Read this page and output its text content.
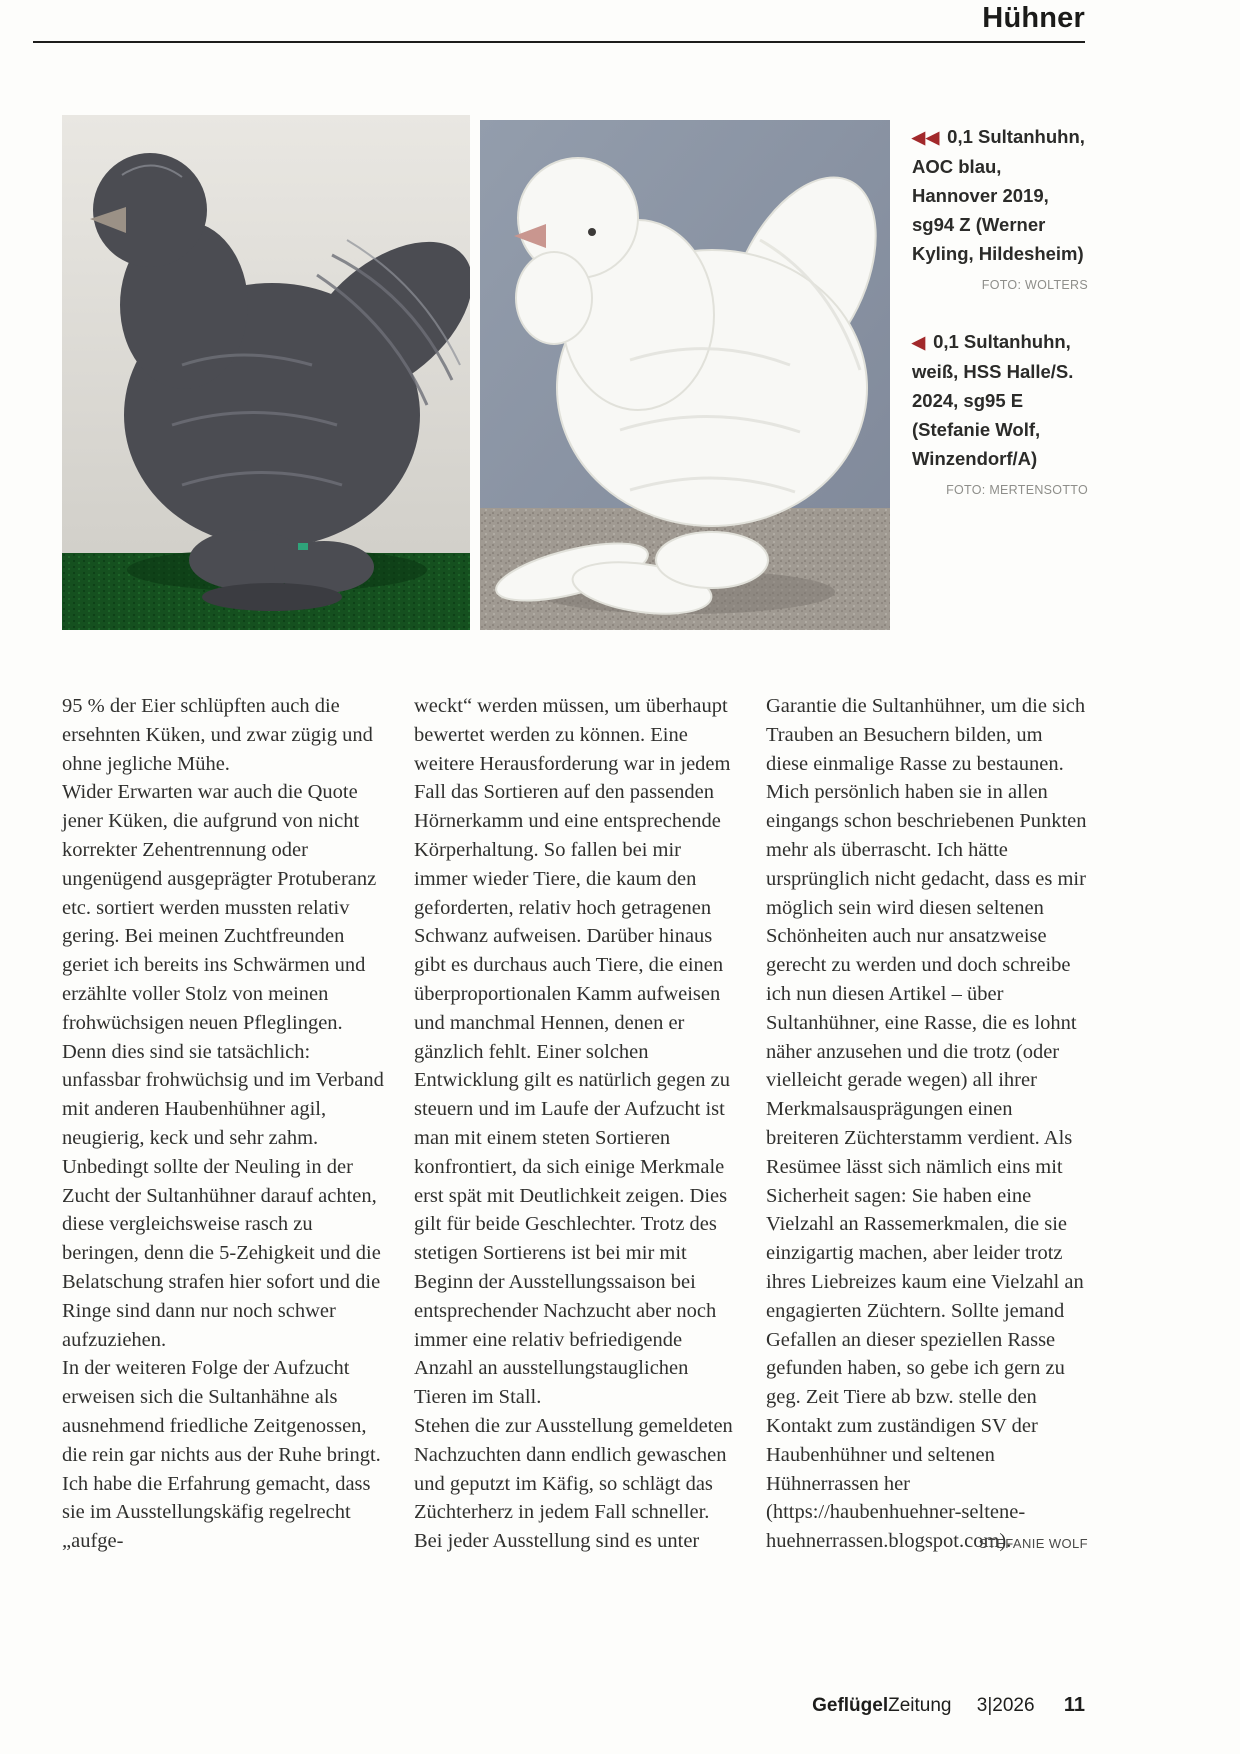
Hühner
◀◀ 0,1 Sultanhuhn, AOC blau, Hannover 2019, sg94 Z (Werner Kyling, Hildesheim)
FOTO: WOLTERS
◀ 0,1 Sultanhuhn, weiß, HSS Halle/S. 2024, sg95 E (Stefanie Wolf, Winzendorf/A)
FOTO: MERTENSOTTO

95 % der Eier schlüpften auch die ersehnten Küken, und zwar zügig und ohne jegliche Mühe.

Wider Erwarten war auch die Quote jener Küken, die aufgrund von nicht korrekter Zehentrennung oder ungenügend ausgeprägter Protuberanz etc. sortiert werden mussten relativ gering. Bei meinen Zuchtfreunden geriet ich bereits ins Schwärmen und erzählte voller Stolz von meinen frohwüchsigen neuen Pfleglingen. Denn dies sind sie tatsächlich: unfassbar frohwüchsig und im Verband mit anderen Haubenhühner agil, neugierig, keck und sehr zahm.

Unbedingt sollte der Neuling in der Zucht der Sultanhühner darauf achten, diese vergleichsweise rasch zu beringen, denn die 5-Zehigkeit und die Belatschung strafen hier sofort und die Ringe sind dann nur noch schwer aufzuziehen.

In der weiteren Folge der Aufzucht erweisen sich die Sultanhähne als ausnehmend friedliche Zeitgenossen, die rein gar nichts aus der Ruhe bringt. Ich habe die Erfahrung gemacht, dass sie im Ausstellungskäfig regelrecht „aufge-

weckt“ werden müssen, um überhaupt bewertet werden zu können. Eine weitere Herausforderung war in jedem Fall das Sortieren auf den passenden Hörnerkamm und eine entsprechende Körperhaltung. So fallen bei mir immer wieder Tiere, die kaum den geforderten, relativ hoch getragenen Schwanz aufweisen. Darüber hinaus gibt es durchaus auch Tiere, die einen überproportionalen Kamm aufweisen und manchmal Hennen, denen er gänzlich fehlt. Einer solchen Entwicklung gilt es natürlich gegen zu steuern und im Laufe der Aufzucht ist man mit einem steten Sortieren konfrontiert, da sich einige Merkmale erst spät mit Deutlichkeit zeigen. Dies gilt für beide Geschlechter. Trotz des stetigen Sortierens ist bei mir mit Beginn der Ausstellungssaison bei entsprechender Nachzucht aber noch immer eine relativ befriedigende Anzahl an ausstellungstauglichen Tieren im Stall.

Stehen die zur Ausstellung gemeldeten Nachzuchten dann endlich gewaschen und geputzt im Käfig, so schlägt das Züchterherz in jedem Fall schneller. Bei jeder Ausstellung sind es unter

Garantie die Sultanhühner, um die sich Trauben an Besuchern bilden, um diese einmalige Rasse zu bestaunen. Mich persönlich haben sie in allen eingangs schon beschriebenen Punkten mehr als überrascht. Ich hätte ursprünglich nicht gedacht, dass es mir möglich sein wird diesen seltenen Schönheiten auch nur ansatzweise gerecht zu werden und doch schreibe ich nun diesen Artikel – über Sultanhühner, eine Rasse, die es lohnt näher anzusehen und die trotz (oder vielleicht gerade wegen) all ihrer Merkmalsausprägungen einen breiteren Züchterstamm verdient. Als Resümee lässt sich nämlich eins mit Sicherheit sagen: Sie haben eine Vielzahl an Rassemerkmalen, die sie einzigartig machen, aber leider trotz ihres Liebreizes kaum eine Vielzahl an engagierten Züchtern. Sollte jemand Gefallen an dieser speziellen Rasse gefunden haben, so gebe ich gern zu geg. Zeit Tiere ab bzw. stelle den Kontakt zum zuständigen SV der Haubenhühner und seltenen Hühnerrassen her (https://haubenhuehner-seltene-huehnerrassen.blogspot.com).

STEFANIE WOLF
GeflügelZeitung 3|2026 11
